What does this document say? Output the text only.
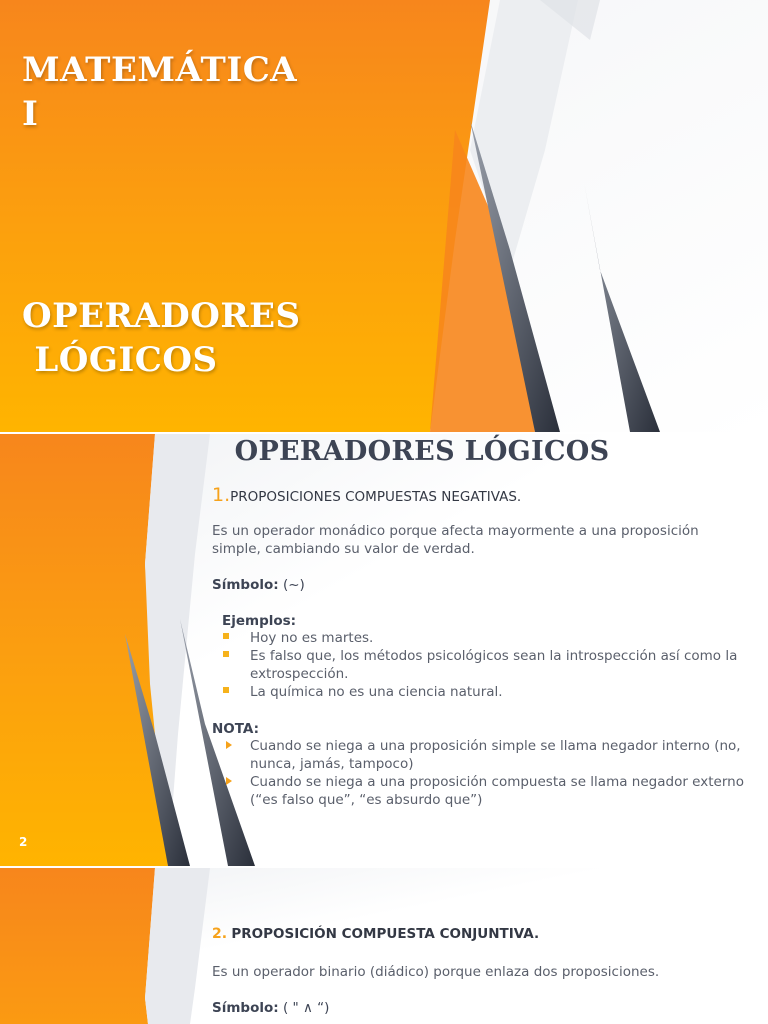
MATEMÁTICA
I
OPERADORES
LÓGICOS
OPERADORES LÓGICOS
1.PROPOSICIONES COMPUESTAS NEGATIVAS.
Es un operador monádico porque afecta mayormente a una proposición simple, cambiando su valor de verdad.
Símbolo: (~)
Ejemplos:
Hoy no es martes.
Es falso que, los métodos psicológicos sean la introspección así como la extrospección.
La química no es una ciencia natural.
NOTA:
Cuando se niega a una proposición simple se llama negador interno (no, nunca, jamás, tampoco)
Cuando se niega a una proposición compuesta se llama negador externo (“es falso que”, “es absurdo que”)
2
2. PROPOSICIÓN COMPUESTA CONJUNTIVA.
Es un operador binario (diádico) porque enlaza dos proposiciones.
Símbolo: ( " ∧ “)
